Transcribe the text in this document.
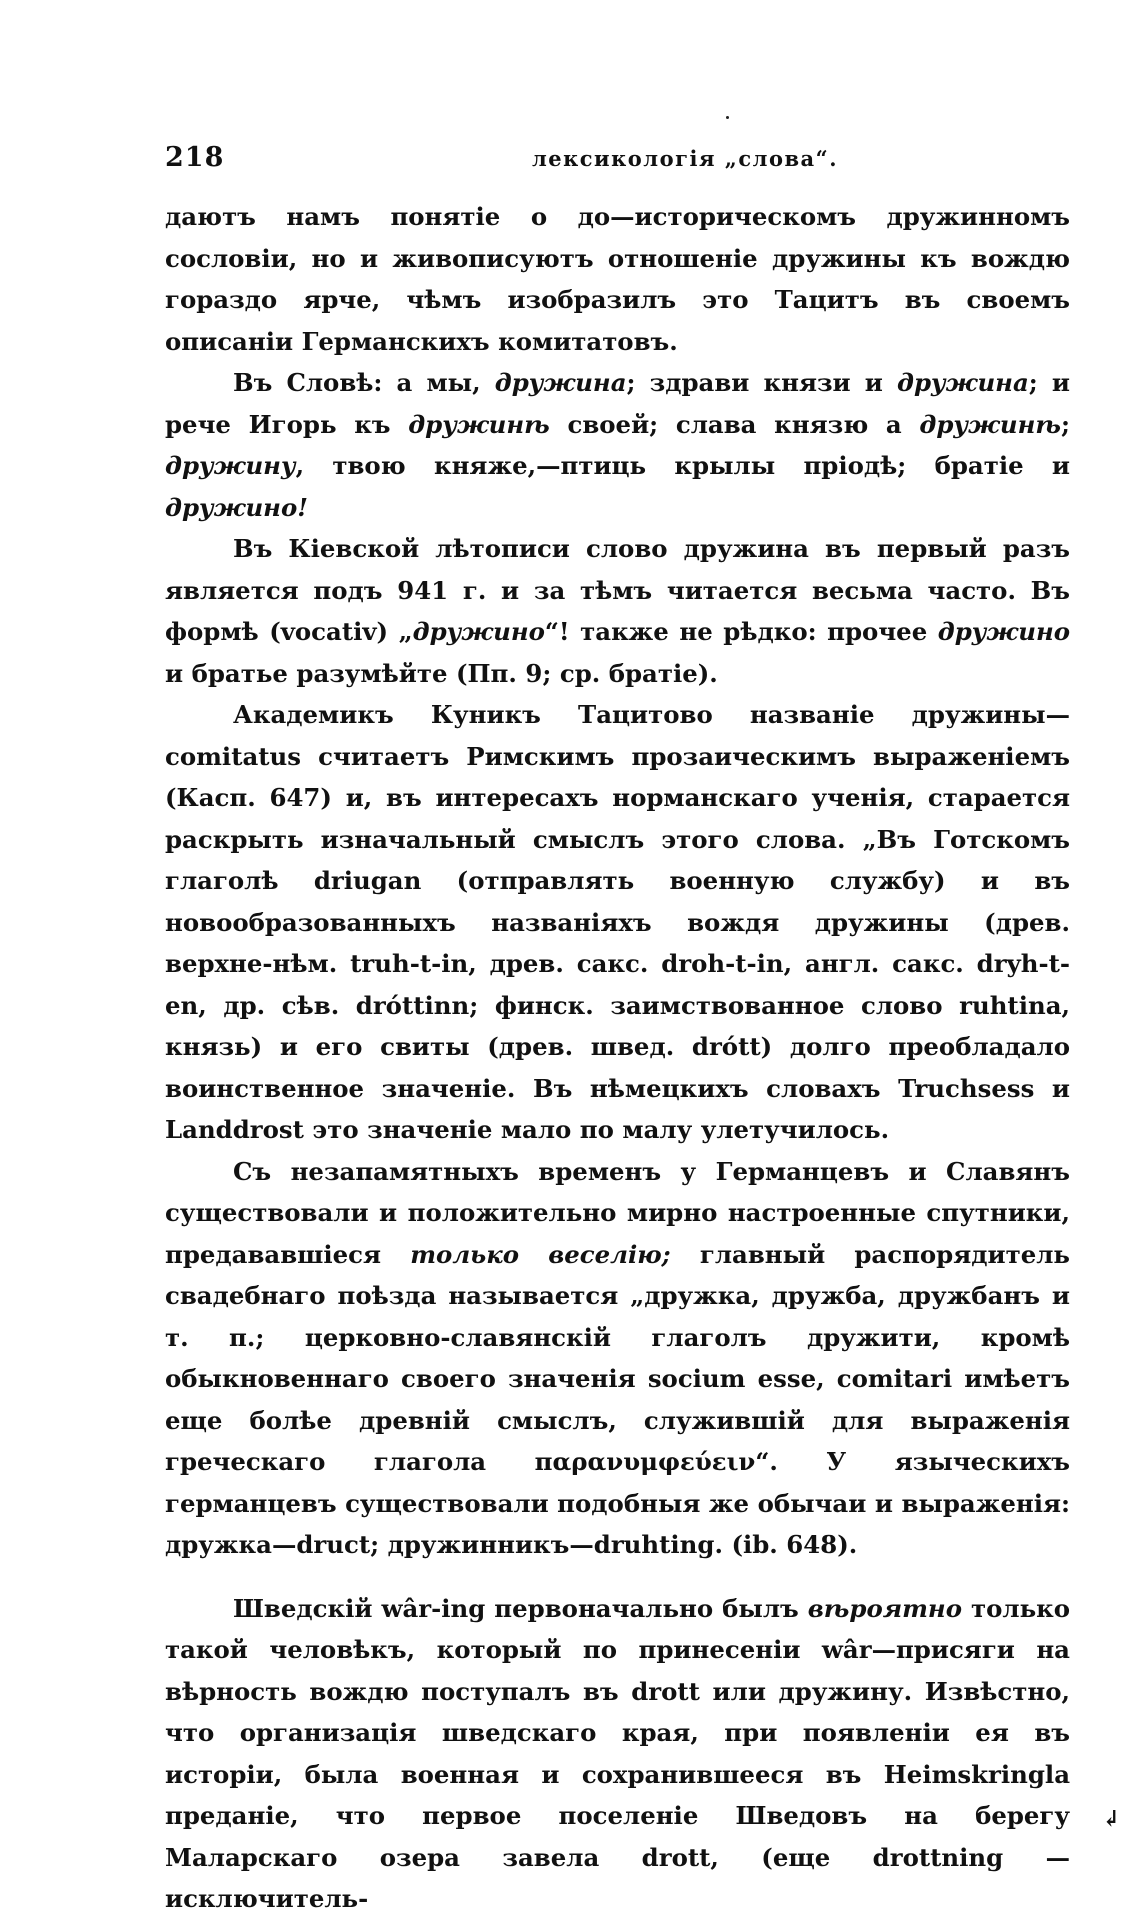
218	лексикологія „слова“.

даютъ намъ понятіе о до—историческомъ дружинномъ сословіи, но и живописуютъ отношеніе дружины къ вождю гораздо ярче, чѣмъ изобразилъ это Тацитъ въ своемъ описаніи Германскихъ комитатовъ.

Въ Словѣ: а мы, дружина; здрави князи и дружина; и рече Игорь къ дружинѣ своей; слава князю а дружинѣ; дружину, твою княже,—птиць крылы пріодѣ; братіе и дружино!

Въ Кіевской лѣтописи слово дружина въ первый разъ является подъ 941 г. и за тѣмъ читается весьма часто. Въ формѣ (vocativ) „дружино“! также не рѣдко: прочее дружино и братье разумѣйте (Пп. 9; ср. братіе).

Академикъ Куникъ Тацитово названіе дружины—comitatus считаетъ Римскимъ прозаическимъ выраженіемъ (Касп. 647) и, въ интересахъ норманскаго ученія, старается раскрыть изначальный смыслъ этого слова. „Въ Готскомъ глаголѣ driugan (отправлять военную службу) и въ новообразованныхъ названіяхъ вождя дружины (древ. верхне-нѣм. truh-t-in, древ. сакс. droh-t-in, англ. сакс. dryh-t-en, др. сѣв. dróttinn; финск. заимствованное слово ruhtina, князь) и его свиты (древ. швед. drótt) долго преобладало воинственное значеніе. Въ нѣмецкихъ словахъ Truchsess и Landdrost это значеніе мало по малу улетучилось.

Съ незапамятныхъ временъ у Германцевъ и Славянъ существовали и положительно мирно настроенные спутники, предававшіеся только веселію; главный распорядитель свадебнаго поѣзда называется „дружка, дружба, дружбанъ и т. п.; церковно-славянскій глаголъ дружити, кромѣ обыкновеннаго своего значенія socium esse, comitari имѣетъ еще болѣе древній смыслъ, служившій для выраженія греческаго глагола παρανυμφεύειν“. У языческихъ германцевъ существовали подобныя же обычаи и выраженія: дружка—druct; дружинникъ—druhting. (ib. 648).

Шведскій wâr-ing первоначально былъ вѣроятно только такой человѣкъ, который по принесеніи wâr—присяги на вѣрность вождю поступалъ въ drott или дружину. Извѣстно, что организація шведскаго края, при появленіи ея въ исторіи, была военная и сохранившееся въ Heimskringla преданіе, что первое поселеніе Шведовъ на берегу Маларскаго озера завела drott, (еще drottning — исключитель-

↲
